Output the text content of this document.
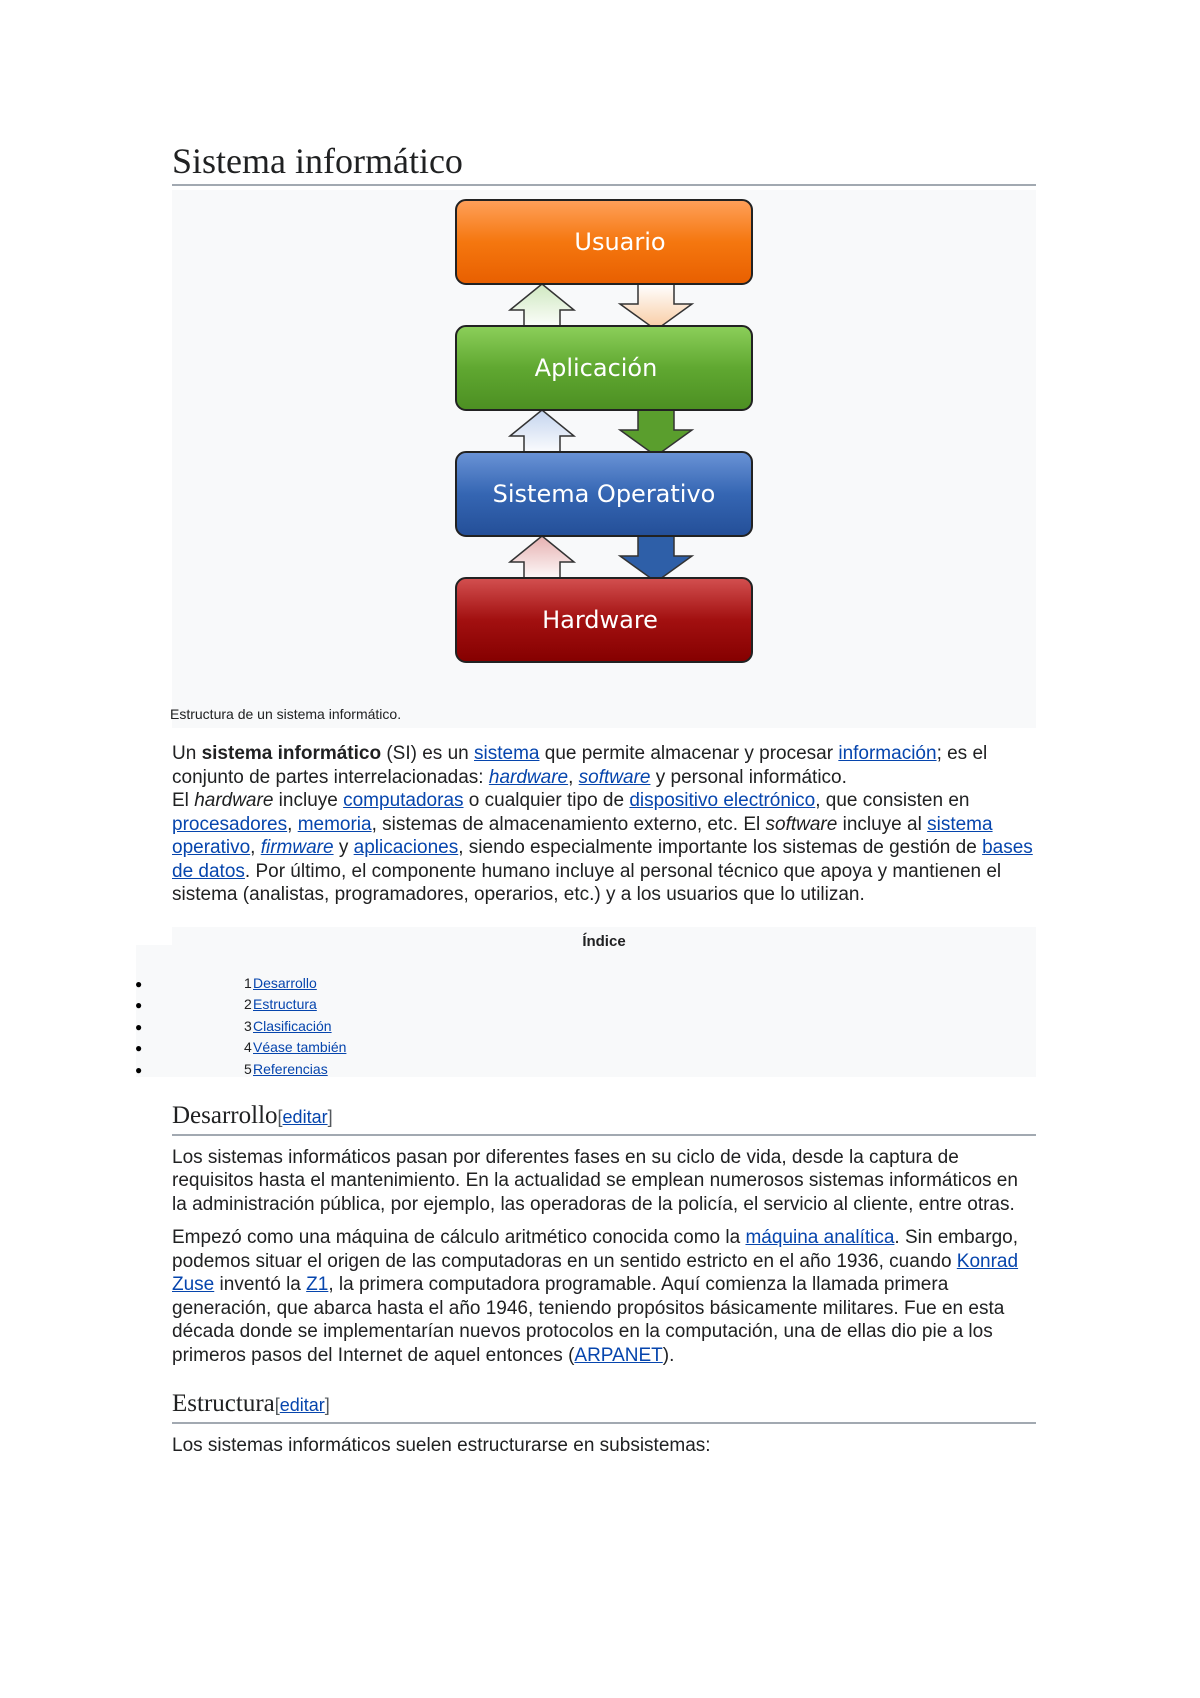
Sistema informático
Usuario
Aplicación
Sistema Operativo
Hardware
Estructura de un sistema informático.

Un sistema informático (SI) es un sistema que permite almacenar y procesar información; es el conjunto de partes interrelacionadas: hardware, software y personal informático.

El hardware incluye computadoras o cualquier tipo de dispositivo electrónico, que consisten en procesadores, memoria, sistemas de almacenamiento externo, etc. El software incluye al sistema operativo, firmware y aplicaciones, siendo especialmente importante los sistemas de gestión de bases de datos. Por último, el componente humano incluye al personal técnico que apoya y mantienen el sistema (analistas, programadores, operarios, etc.) y a los usuarios que lo utilizan.

Índice
●	1 Desarrollo
●	2 Estructura
●	3 Clasificación
●	4 Véase también
●	5 Referencias
Desarrollo[editar]

Los sistemas informáticos pasan por diferentes fases en su ciclo de vida, desde la captura de requisitos hasta el mantenimiento. En la actualidad se emplean numerosos sistemas informáticos en la administración pública, por ejemplo, las operadoras de la policía, el servicio al cliente, entre otras.

Empezó como una máquina de cálculo aritmético conocida como la máquina analítica. Sin embargo, podemos situar el origen de las computadoras en un sentido estricto en el año 1936, cuando Konrad Zuse inventó la Z1, la primera computadora programable. Aquí comienza la llamada primera generación, que abarca hasta el año 1946, teniendo propósitos básicamente militares. Fue en esta década donde se implementarían nuevos protocolos en la computación, una de ellas dio pie a los primeros pasos del Internet de aquel entonces (ARPANET).

Estructura[editar]

Los sistemas informáticos suelen estructurarse en subsistemas:
